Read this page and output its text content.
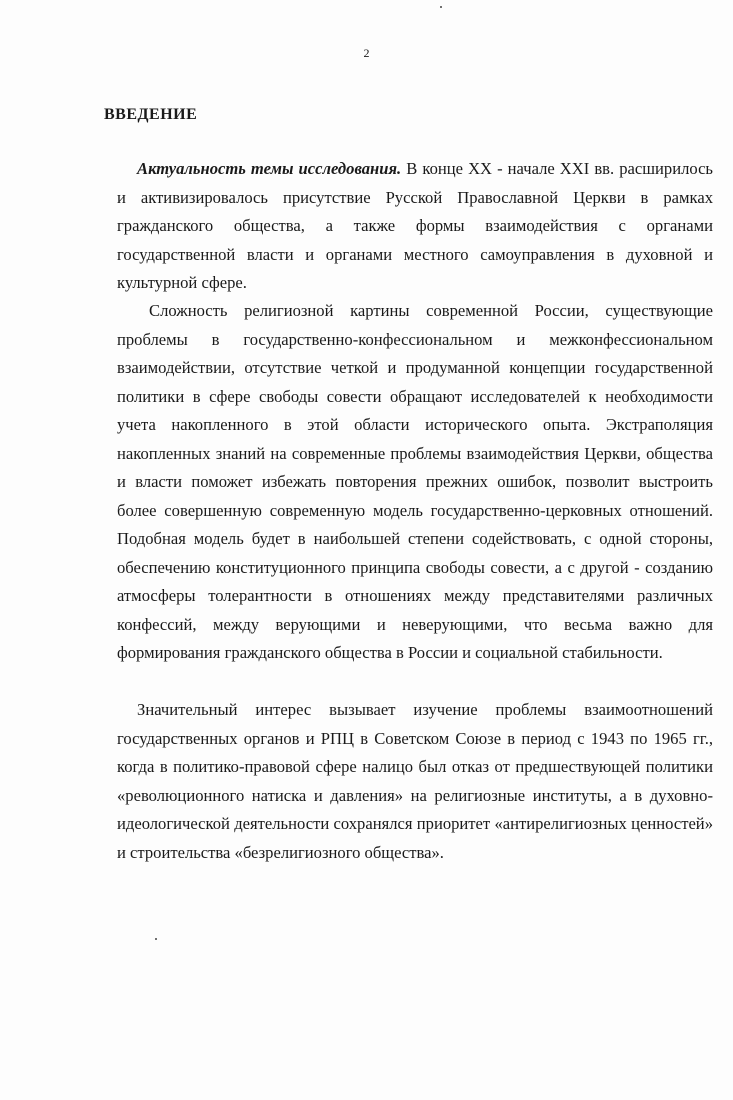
2
ВВЕДЕНИЕ
Актуальность темы исследования. В конце XX - начале XXI вв. расширилось и активизировалось присутствие Русской Православной Церкви в рамках гражданского общества, а также формы взаимодействия с органами государственной власти и органами местного самоуправления в духовной и культурной сфере.
Сложность религиозной картины современной России, существующие проблемы в государственно-конфессиональном и межконфессиональном взаимодействии, отсутствие четкой и продуманной концепции государственной политики в сфере свободы совести обращают исследователей к необходимости учета накопленного в этой области исторического опыта. Экстраполяция накопленных знаний на современные проблемы взаимодействия Церкви, общества и власти поможет избежать повторения прежних ошибок, позволит выстроить более совершенную современную модель государственно-церковных отношений. Подобная модель будет в наибольшей степени содействовать, с одной стороны, обеспечению конституционного принципа свободы совести, а с другой - созданию атмосферы толерантности в отношениях между представителями различных конфессий, между верующими и неверующими, что весьма важно для формирования гражданского общества в России и социальной стабильности.
Значительный интерес вызывает изучение проблемы взаимоотношений государственных органов и РПЦ в Советском Союзе в период с 1943 по 1965 гг., когда в политико-правовой сфере налицо был отказ от предшествующей политики «революционного натиска и давления» на религиозные институты, а в духовно-идеологической деятельности сохранялся приоритет «антирелигиозных ценностей» и строительства «безрелигиозного общества».
